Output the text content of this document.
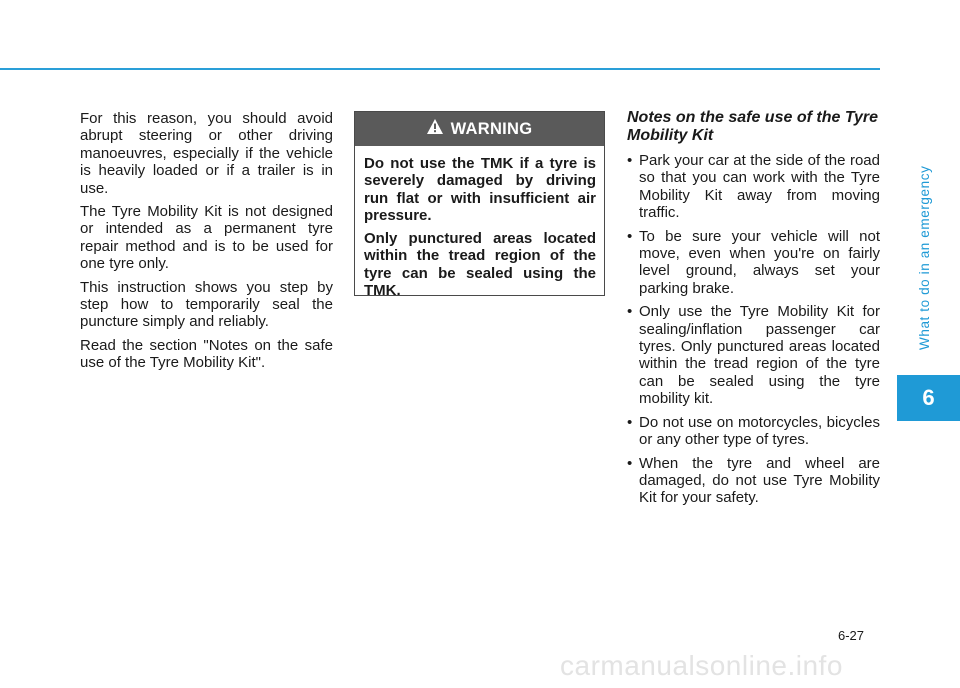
6
What to do in an emergency

For this reason, you should avoid abrupt steering or other driving manoeuvres, especially if the vehicle is heavily loaded or if a trailer is in use.

The Tyre Mobility Kit is not designed or intended as a permanent tyre repair method and is to be used for one tyre only.

This instruction shows you step by step how to temporarily seal the puncture simply and reliably.

Read the section "Notes on the safe use of the Tyre Mobility Kit".

WARNING

Do not use the TMK if a tyre is severely damaged by driving run flat or with insufficient air pressure.

Only punctured areas located within the tread region of the tyre can be sealed using the TMK.

Notes on the safe use of the Tyre Mobility Kit
• Park your car at the side of the road so that you can work with the Tyre Mobility Kit away from moving traffic.
• To be sure your vehicle will not move, even when you're on fairly level ground, always set your parking brake.
• Only use the Tyre Mobility Kit for sealing/inflation passenger car tyres. Only punctured areas located within the tread region of the tyre can be sealed using the tyre mobility kit.
• Do not use on motorcycles, bicycles or any other type of tyres.
• When the tyre and wheel are damaged, do not use Tyre Mobility Kit for your safety.
6-27
carmanualsonline.info
